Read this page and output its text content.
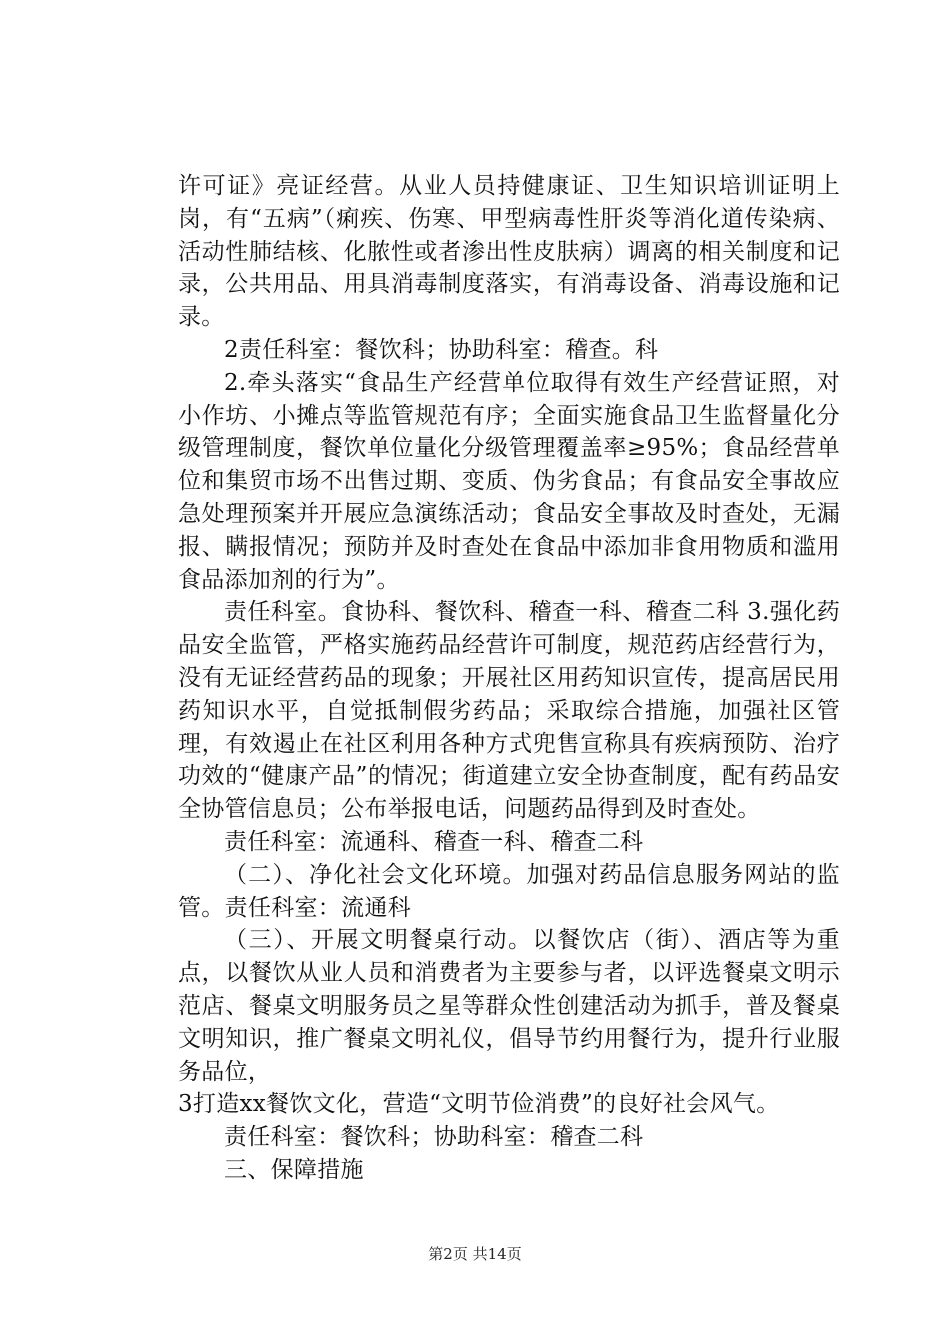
许可证》亮证经营。从业人员持健康证、卫生知识培训证明上岗，有“五病”（痢疾、伤寒、甲型病毒性肝炎等消化道传染病、活动性肺结核、化脓性或者渗出性皮肤病）调离的相关制度和记录，公共用品、用具消毒制度落实，有消毒设备、消毒设施和记录。

2责任科室：餐饮科；协助科室：稽查。科

2.牵头落实“食品生产经营单位取得有效生产经营证照，对小作坊、小摊点等监管规范有序；全面实施食品卫生监督量化分级管理制度，餐饮单位量化分级管理覆盖率≥95%；食品经营单位和集贸市场不出售过期、变质、伪劣食品；有食品安全事故应急处理预案并开展应急演练活动；食品安全事故及时查处，无漏报、瞒报情况；预防并及时查处在食品中添加非食用物质和滥用食品添加剂的行为”。

责任科室。食协科、餐饮科、稽查一科、稽查二科 3.强化药品安全监管，严格实施药品经营许可制度，规范药店经营行为，没有无证经营药品的现象；开展社区用药知识宣传，提高居民用药知识水平，自觉抵制假劣药品；采取综合措施，加强社区管理，有效遏止在社区利用各种方式兜售宣称具有疾病预防、治疗功效的“健康产品”的情况；街道建立安全协查制度，配有药品安全协管信息员；公布举报电话，问题药品得到及时查处。

责任科室：流通科、稽查一科、稽查二科

（二）、净化社会文化环境。加强对药品信息服务网站的监管。责任科室：流通科

（三）、开展文明餐桌行动。以餐饮店（街）、酒店等为重点，以餐饮从业人员和消费者为主要参与者，以评选餐桌文明示范店、餐桌文明服务员之星等群众性创建活动为抓手，普及餐桌文明知识，推广餐桌文明礼仪，倡导节约用餐行为，提升行业服务品位，

3打造xx餐饮文化，营造“文明节俭消费”的良好社会风气。

责任科室：餐饮科；协助科室：稽查二科

三、保障措施

第2页 共14页
